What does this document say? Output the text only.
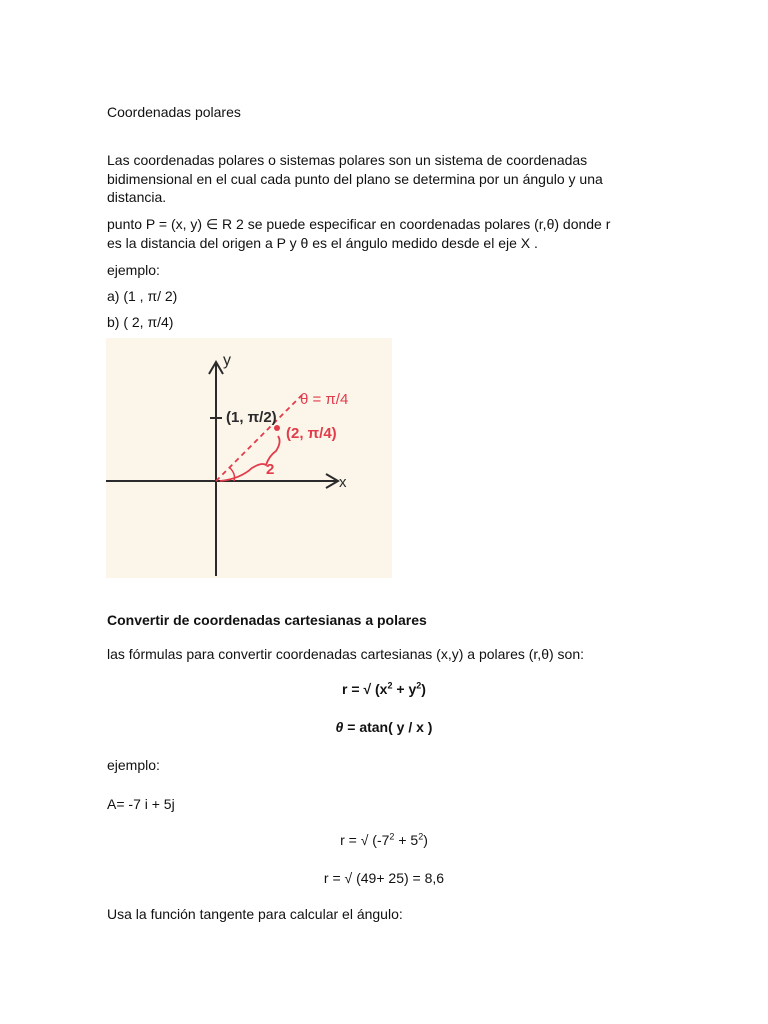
Coordenadas polares
Las coordenadas polares o sistemas polares son un sistema de coordenadas bidimensional en el cual cada punto del plano se determina por un ángulo y una distancia.
punto P = (x, y) ∈ R 2 se puede especificar en coordenadas polares (r,θ) donde r
es la distancia del origen a P y θ es el ángulo medido desde el eje X .
ejemplo:
a) (1 , π/ 2)
b) ( 2, π/4)
y
x
(1, π/2)
(2, π/4)
θ = π/4
2
Convertir de coordenadas cartesianas a polares
las fórmulas para convertir coordenadas cartesianas (x,y) a polares (r,θ) son:
r = √ $(x^2 + y^2)$
θ = atan( y / x )
ejemplo:
A= -7 i + 5j
r = √ $(-7^2 + 5^2)$
r = √ (49+ 25) = 8,6
Usa la función tangente para calcular el ángulo:
